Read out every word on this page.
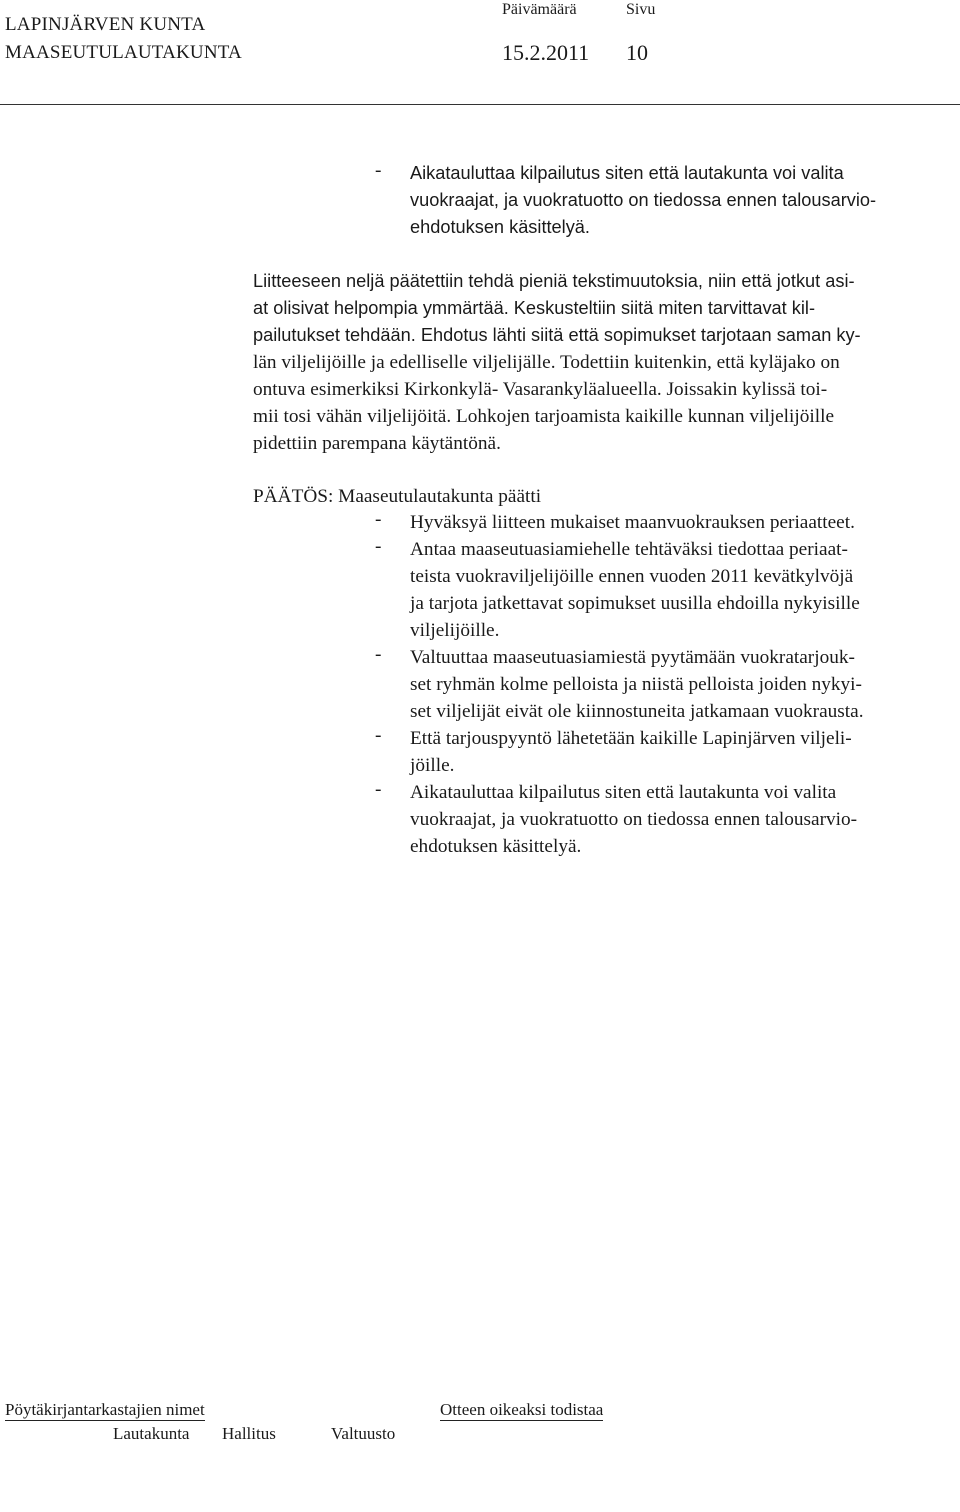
LAPINJÄRVEN KUNTA
MAASEUTULAUTAKUNTA
Päivämäärä	Sivu
15.2.2011 10
- Aikatauluttaa kilpailutus siten että lautakunta voi valita
vuokraajat, ja vuokratuotto on tiedossa ennen talousarvio-
ehdotuksen käsittelyä.
Liitteeseen neljä päätettiin tehdä pieniä tekstimuutoksia, niin että jotkut asi-
at olisivat helpompia ymmärtää. Keskusteltiin siitä miten tarvittavat kil-
pailutukset tehdään. Ehdotus lähti siitä että sopimukset tarjotaan saman ky-
län viljelijöille ja edelliselle viljelijälle. Todettiin kuitenkin, että kyläjako on
ontuva esimerkiksi Kirkonkylä- Vasarankyläalueella. Joissakin kylissä toi-
mii tosi vähän viljelijöitä. Lohkojen tarjoamista kaikille kunnan viljelijöille
pidettiin parempana käytäntönä.
PÄÄTÖS: Maaseutulautakunta päätti
- Hyväksyä liitteen mukaiset maanvuokrauksen periaatteet.
- Antaa maaseutuasiamiehelle tehtäväksi tiedottaa periaat-
teista vuokraviljelijöille ennen vuoden 2011 kevätkylvöjä
ja tarjota jatkettavat sopimukset uusilla ehdoilla nykyisille
viljelijöille.
- Valtuuttaa maaseutuasiamiestä pyytämään vuokratarjouk-
set ryhmän kolme pelloista ja niistä pelloista joiden nykyi-
set viljelijät eivät ole kiinnostuneita jatkamaan vuokrausta.
- Että tarjouspyyntö lähetetään kaikille Lapinjärven viljeli-
jöille.
- Aikatauluttaa kilpailutus siten että lautakunta voi valita
vuokraajat, ja vuokratuotto on tiedossa ennen talousarvio-
ehdotuksen käsittelyä.
Pöytäkirjantarkastajien nimet	Otteen oikeaksi todistaa
Lautakunta Hallitus	Valtuusto
